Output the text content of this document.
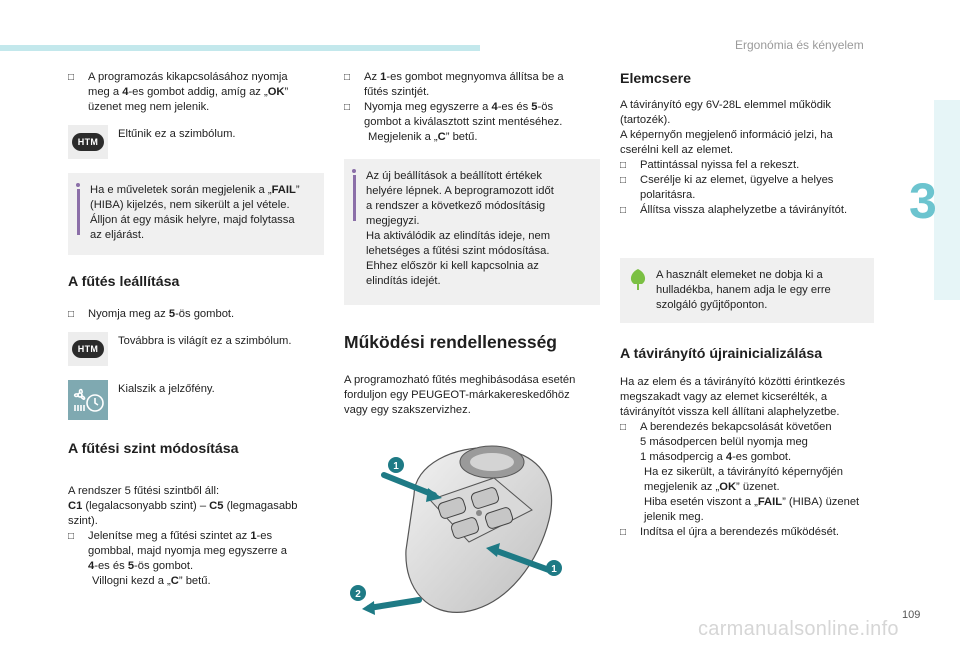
Ergonómia és kényelem
3
□ A programozás kikapcsolásához nyomja

meg a 4-es gombot addig, amíg az „OK”

üzenet meg nem jelenik.

HTM

Eltűnik ez a szimbólum.

Ha e műveletek során megjelenik a „FAIL”

(HIBA) kijelzés, nem sikerült a jel vétele.

Álljon át egy másik helyre, majd folytassa

az eljárást.

A fűtés leállítása
□ Nyomja meg az 5-ös gombot.

HTM

Továbbra is világít ez a szimbólum.

Kialszik a jelzőfény.

A fűtési szint módosítása

A rendszer 5 fűtési szintből áll:

C1 (legalacsonyabb szint) – C5 (legmagasabb

szint).

□ Jelenítse meg a fűtési szintet az 1-es

gombbal, majd nyomja meg egyszerre a

4-es és 5-ös gombot.

Villogni kezd a „C” betű.

□ Az 1-es gombot megnyomva állítsa be a

fűtés szintjét.

□ Nyomja meg egyszerre a 4-es és 5-ös

gombot a kiválasztott szint mentéséhez.

Megjelenik a „C” betű.

Az új beállítások a beállított értékek

helyére lépnek. A beprogramozott időt

a rendszer a következő módosításig

megjegyzi.

Ha aktiválódik az elindítás ideje, nem

lehetséges a fűtési szint módosítása.

Ehhez először ki kell kapcsolnia az

elindítás idejét.

Működési rendellenesség

A programozható fűtés meghibásodása esetén

forduljon egy PEUGEOT-márkakereskedőhöz

vagy egy szakszervizhez.

1
1
2
Elemcsere

A távirányító egy 6V-28L elemmel működik

(tartozék).

A képernyőn megjelenő információ jelzi, ha

cserélni kell az elemet.

□ Pattintással nyissa fel a rekeszt.

□ Cserélje ki az elemet, ügyelve a helyes

polaritásra.

□ Állítsa vissza alaphelyzetbe a távirányítót.

A használt elemeket ne dobja ki a

hulladékba, hanem adja le egy erre

szolgáló gyűjtőponton.

A távirányító újrainicializálása

Ha az elem és a távirányító közötti érintkezés

megszakadt vagy az elemet kicserélték, a

távirányítót vissza kell állítani alaphelyzetbe.

□ A berendezés bekapcsolását követően

5 másodpercen belül nyomja meg

1 másodpercig a 4-es gombot.

Ha ez sikerült, a távirányító képernyőjén

megjelenik az „OK” üzenet.

Hiba esetén viszont a „FAIL” (HIBA) üzenet

jelenik meg.

□ Indítsa el újra a berendezés működését.

109
carmanualsonline.info
